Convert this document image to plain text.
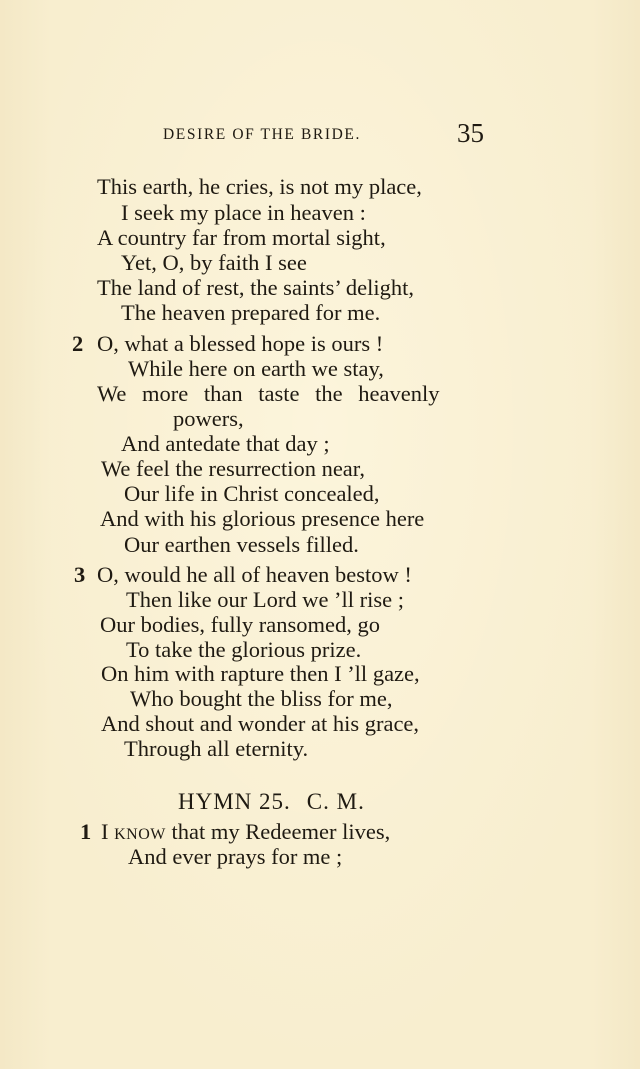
DESIRE OF THE BRIDE.	35
This earth, he cries, is not my place,
I seek my place in heaven :
A country far from mortal sight,
Yet, O, by faith I see
The land of rest, the saints’ delight,
The heaven prepared for me.
2 O, what a blessed hope is ours !
While here on earth we stay,
We more than taste the heavenly
powers,
And antedate that day ;
We feel the resurrection near,
Our life in Christ concealed,
And with his glorious presence here
Our earthen vessels filled.
3 O, would he all of heaven bestow !
Then like our Lord we ’ll rise ;
Our bodies, fully ransomed, go
To take the glorious prize.
On him with rapture then I ’ll gaze,
Who bought the bliss for me,
And shout and wonder at his grace,
Through all eternity.
HYMN 25. C. M.
1 I know that my Redeemer lives,
And ever prays for me ;
